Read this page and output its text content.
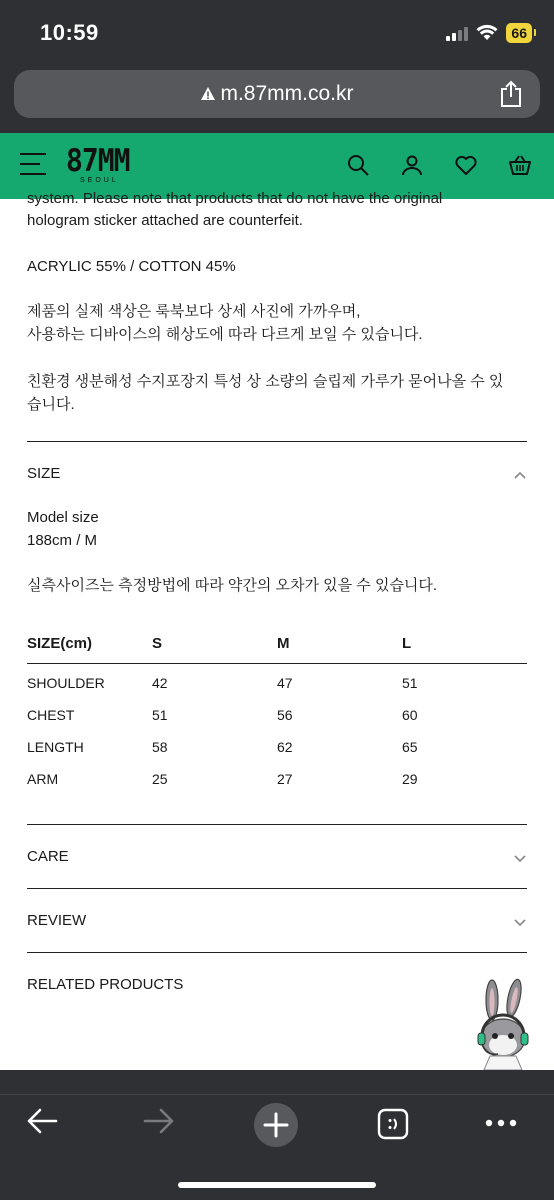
10:59	66
m.87mm.co.kr
87MM
SEOUL
system. Please note that products that do not have the original
hologram sticker attached are counterfeit.
ACRYLIC 55% / COTTON 45%
제품의 실제 색상은 룩북보다 상세 사진에 가까우며,
사용하는 디바이스의 해상도에 따라 다르게 보일 수 있습니다.
친환경 생분해성 수지포장지 특성 상 소량의 슬립제 가루가 묻어나올 수 있
습니다.
SIZE
Model size
188cm / M
실측사이즈는 측정방법에 따라 약간의 오차가 있을 수 있습니다.
SIZE(cm)	S	M	L
SHOULDER	42	47	51
CHEST	51	56	60
LENGTH	58	62	65
ARM	25	27	29
CARE
REVIEW
RELATED PRODUCTS
